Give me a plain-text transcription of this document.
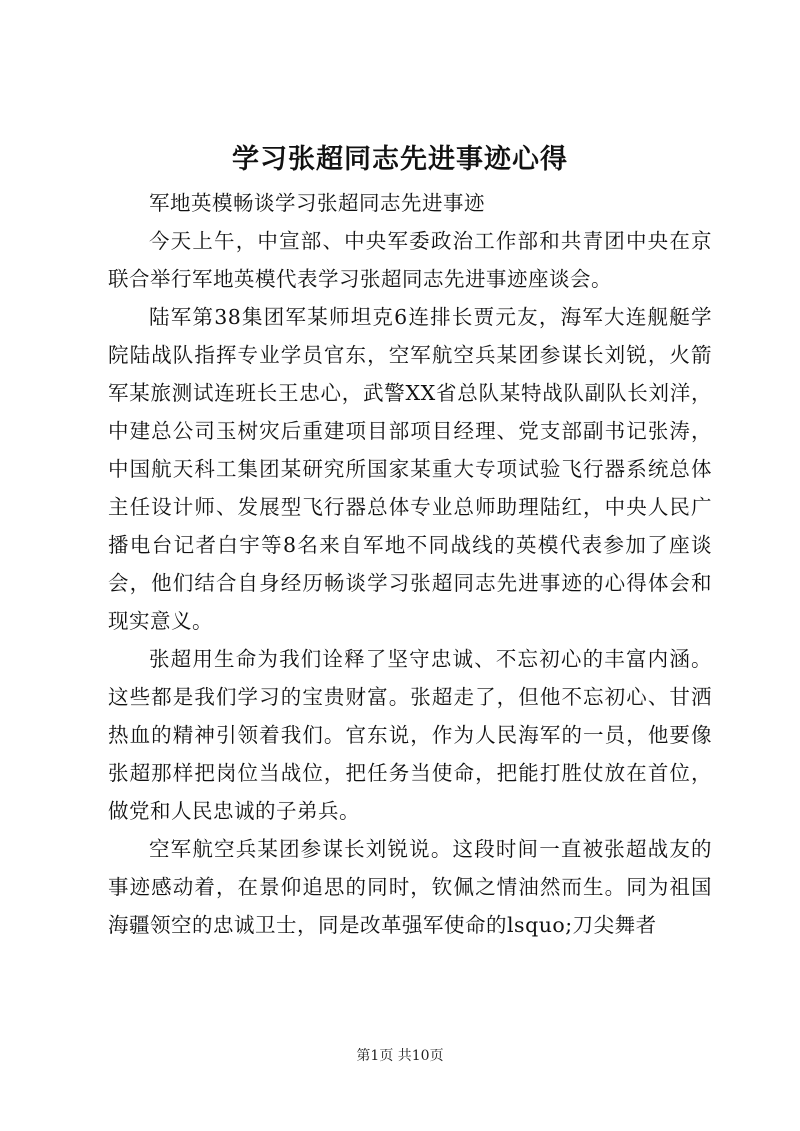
学习张超同志先进事迹心得

军地英模畅谈学习张超同志先进事迹

今天上午，中宣部、中央军委政治工作部和共青团中央在京联合举行军地英模代表学习张超同志先进事迹座谈会。

陆军第38集团军某师坦克6连排长贾元友，海军大连舰艇学院陆战队指挥专业学员官东，空军航空兵某团参谋长刘锐，火箭军某旅测试连班长王忠心，武警XX省总队某特战队副队长刘洋，中建总公司玉树灾后重建项目部项目经理、党支部副书记张涛，中国航天科工集团某研究所国家某重大专项试验飞行器系统总体主任设计师、发展型飞行器总体专业总师助理陆红，中央人民广播电台记者白宇等8名来自军地不同战线的英模代表参加了座谈会，他们结合自身经历畅谈学习张超同志先进事迹的心得体会和现实意义。

张超用生命为我们诠释了坚守忠诚、不忘初心的丰富内涵。这些都是我们学习的宝贵财富。张超走了，但他不忘初心、甘洒热血的精神引领着我们。官东说，作为人民海军的一员，他要像张超那样把岗位当战位，把任务当使命，把能打胜仗放在首位，做党和人民忠诚的子弟兵。

空军航空兵某团参谋长刘锐说。这段时间一直被张超战友的事迹感动着，在景仰追思的同时，钦佩之情油然而生。同为祖国海疆领空的忠诚卫士，同是改革强军使命的lsquo;刀尖舞者

第1页 共10页
